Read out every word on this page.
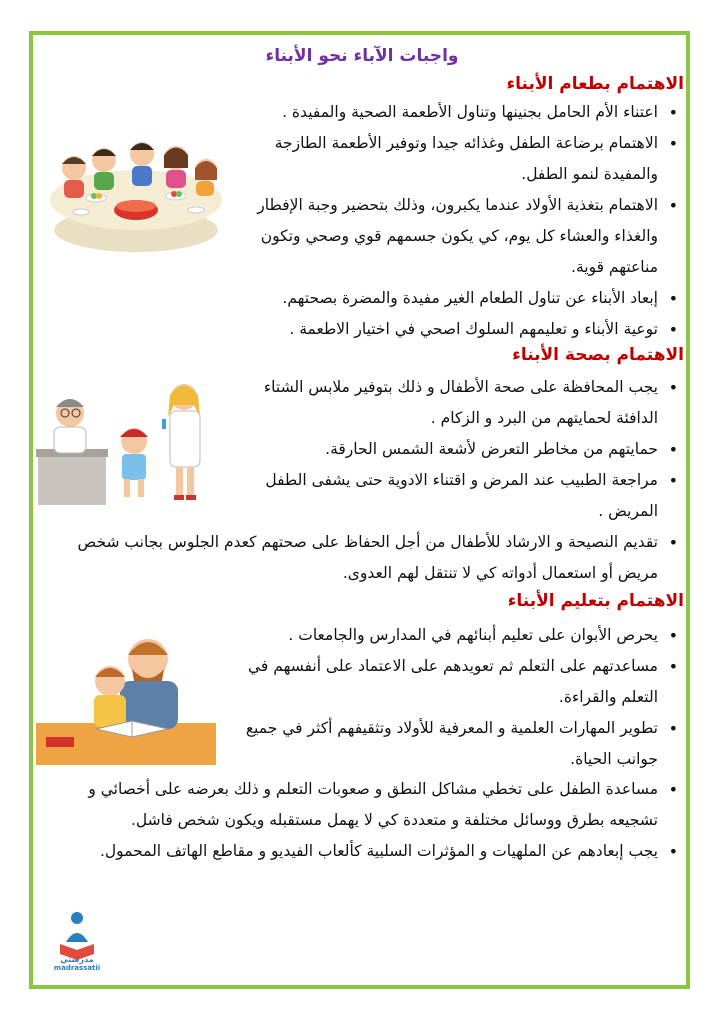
واجبات الآباء نحو الأبناء
الاهتمام بطعام الأبناء
• اعتناء الأم الحامل بجنينها وتناول الأطعمة الصحية والمفيدة .
• الاهتمام برضاعة الطفل وغذائه جيدا وتوفير الأطعمة الطازجة والمفيدة لنمو الطفل.
• الاهتمام بتغذية الأولاد عندما يكبرون، وذلك بتحضير وجبة الإفطار والغذاء والعشاء كل يوم، كي يكون جسمهم قوي وصحي وتكون مناعتهم قوية.
• إبعاد الأبناء عن تناول الطعام الغير مفيدة والمضرة بصحتهم.
• توعية الأبناء و تعليمهم السلوك اصحي في اختيار الاطعمة .
الاهتمام بصحة الأبناء
• يجب المحافظة على صحة الأطفال و ذلك بتوفير ملابس الشتاء الدافئة لحمايتهم من البرد و الزكام .
• حمايتهم من مخاطر التعرض لأشعة الشمس الحارقة.
• مراجعة الطبيب عند المرض و اقتناء الادوية حتى يشفى الطفل المريض .
• تقديم النصيحة و الارشاد للأطفال من أجل الحفاظ على صحتهم كعدم الجلوس بجانب شخص مريض أو استعمال أدواته كي لا تنتقل لهم العدوى.
الاهتمام بتعليم الأبناء
• يحرص الأبوان على تعليم أبنائهم في المدارس والجامعات .
• مساعدتهم على التعلم ثم تعويدهم على الاعتماد على أنفسهم في التعلم والقراءة.
• تطوير المهارات العلمية و المعرفية للأولاد وتثقيفهم أكثر في جميع جوانب الحياة.
• مساعدة الطفل على تخطي مشاكل النطق و صعوبات التعلم و ذلك بعرضه على أخصائي و تشجيعه بطرق ووسائل مختلفة و متعددة كي لا يهمل مستقبله ويكون شخص فاشل.
• يجب إبعادهم عن الملهيات و المؤثرات السلبية كألعاب الفيديو و مقاطع الهاتف المحمول.
مدرستي
madrassatii
